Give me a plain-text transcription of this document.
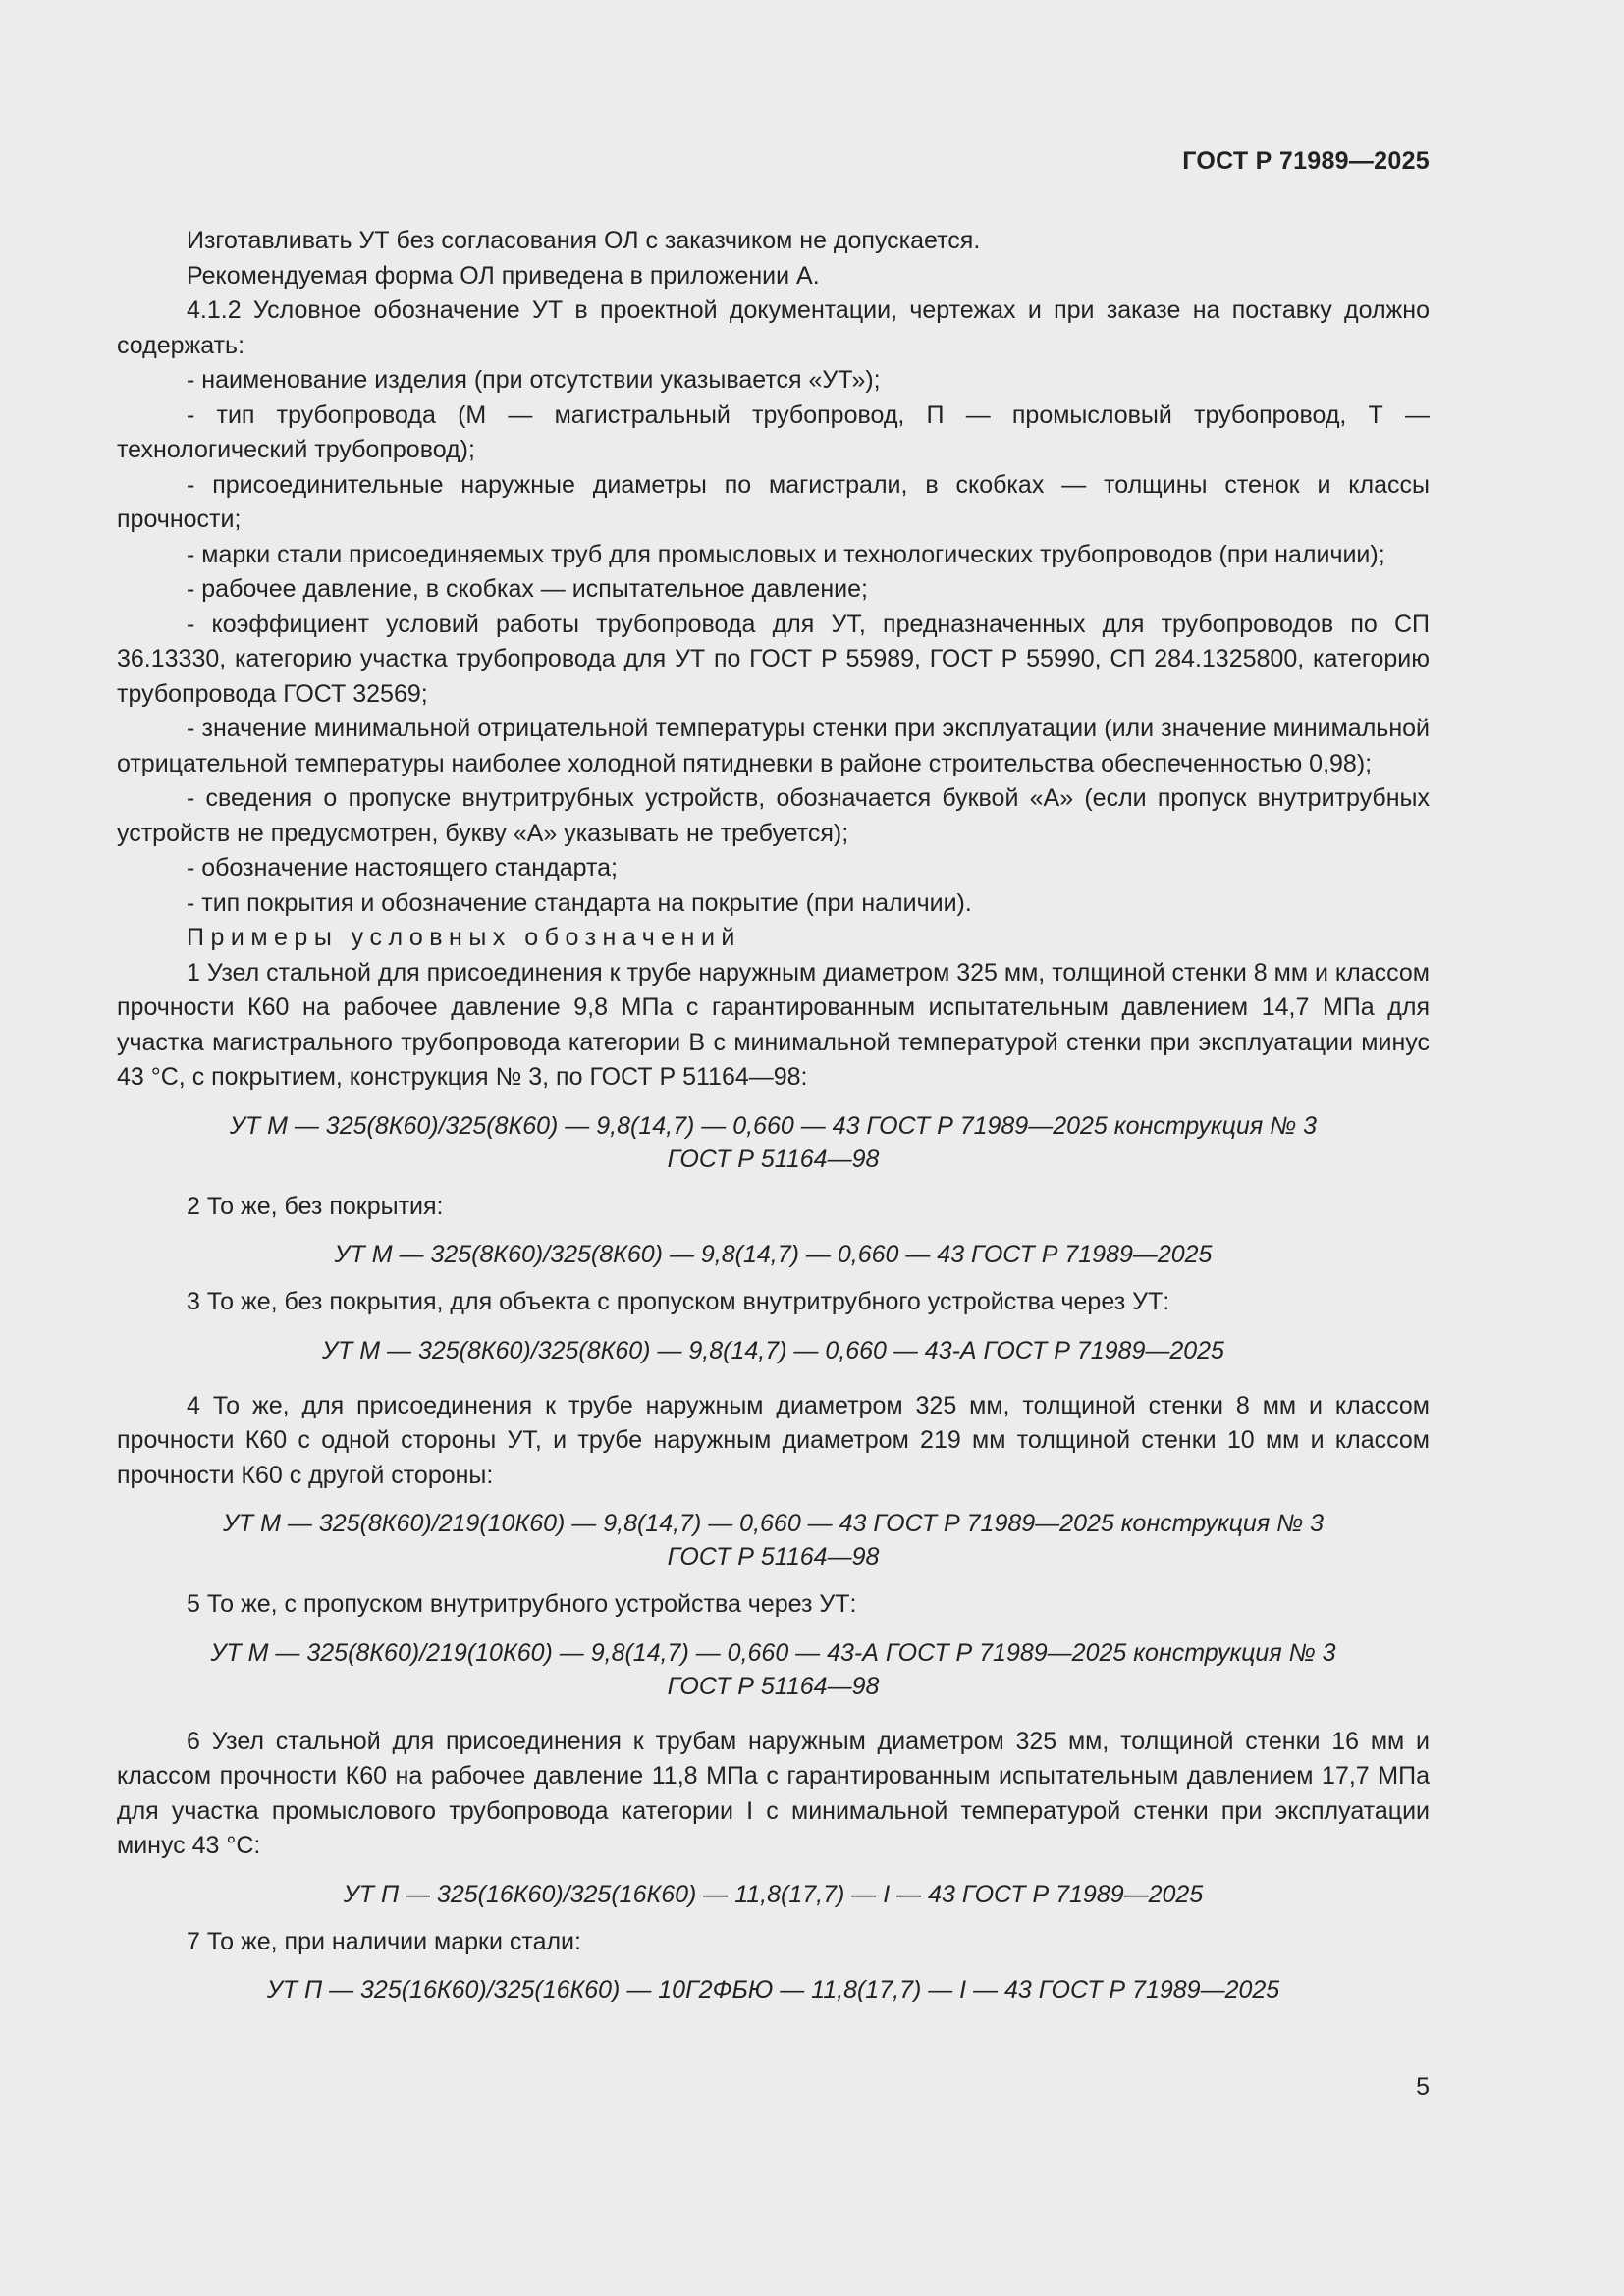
ГОСТ Р 71989—2025

Изготавливать УТ без согласования ОЛ с заказчиком не допускается.

Рекомендуемая форма ОЛ приведена в приложении А.

4.1.2 Условное обозначение УТ в проектной документации, чертежах и при заказе на поставку должно содержать:

- наименование изделия (при отсутствии указывается «УТ»);

- тип трубопровода (М — магистральный трубопровод, П — промысловый трубопровод, Т — технологический трубопровод);

- присоединительные наружные диаметры по магистрали, в скобках — толщины стенок и классы прочности;

- марки стали присоединяемых труб для промысловых и технологических трубопроводов (при наличии);

- рабочее давление, в скобках — испытательное давление;

- коэффициент условий работы трубопровода для УТ, предназначенных для трубопроводов по СП 36.13330, категорию участка трубопровода для УТ по ГОСТ Р 55989, ГОСТ Р 55990, СП 284.1325800, категорию трубопровода ГОСТ 32569;

- значение минимальной отрицательной температуры стенки при эксплуатации (или значение минимальной отрицательной температуры наиболее холодной пятидневки в районе строительства обеспеченностью 0,98);

- сведения о пропуске внутритрубных устройств, обозначается буквой «А» (если пропуск внутритрубных устройств не предусмотрен, букву «А» указывать не требуется);

- обозначение настоящего стандарта;

- тип покрытия и обозначение стандарта на покрытие (при наличии).

Примеры условных обозначений

1 Узел стальной для присоединения к трубе наружным диаметром 325 мм, толщиной стенки 8 мм и классом прочности К60 на рабочее давление 9,8 МПа с гарантированным испытательным давлением 14,7 МПа для участка магистрального трубопровода категории В с минимальной температурой стенки при эксплуатации минус 43 °С, с покрытием, конструкция № 3, по ГОСТ Р 51164—98:

УТ М — 325(8К60)/325(8К60) — 9,8(14,7) — 0,660 — 43 ГОСТ Р 71989—2025 конструкция № 3

ГОСТ Р 51164—98

2 То же, без покрытия:

УТ М — 325(8К60)/325(8К60) — 9,8(14,7) — 0,660 — 43 ГОСТ Р 71989—2025

3 То же, без покрытия, для объекта с пропуском внутритрубного устройства через УТ:

УТ М — 325(8К60)/325(8К60) — 9,8(14,7) — 0,660 — 43-А ГОСТ Р 71989—2025

4 То же, для присоединения к трубе наружным диаметром 325 мм, толщиной стенки 8 мм и классом прочности К60 с одной стороны УТ, и трубе наружным диаметром 219 мм толщиной стенки 10 мм и классом прочности К60 с другой стороны:

УТ М — 325(8К60)/219(10К60) — 9,8(14,7) — 0,660 — 43 ГОСТ Р 71989—2025 конструкция № 3

ГОСТ Р 51164—98

5 То же, с пропуском внутритрубного устройства через УТ:

УТ М — 325(8К60)/219(10К60) — 9,8(14,7) — 0,660 — 43-А ГОСТ Р 71989—2025 конструкция № 3

ГОСТ Р 51164—98

6 Узел стальной для присоединения к трубам наружным диаметром 325 мм, толщиной стенки 16 мм и классом прочности К60 на рабочее давление 11,8 МПа с гарантированным испытательным давлением 17,7 МПа для участка промыслового трубопровода категории I с минимальной температурой стенки при эксплуатации минус 43 °С:

УТ П — 325(16К60)/325(16К60) — 11,8(17,7) — I — 43 ГОСТ Р 71989—2025

7 То же, при наличии марки стали:

УТ П — 325(16К60)/325(16К60) — 10Г2ФБЮ — 11,8(17,7) — I — 43 ГОСТ Р 71989—2025

5
